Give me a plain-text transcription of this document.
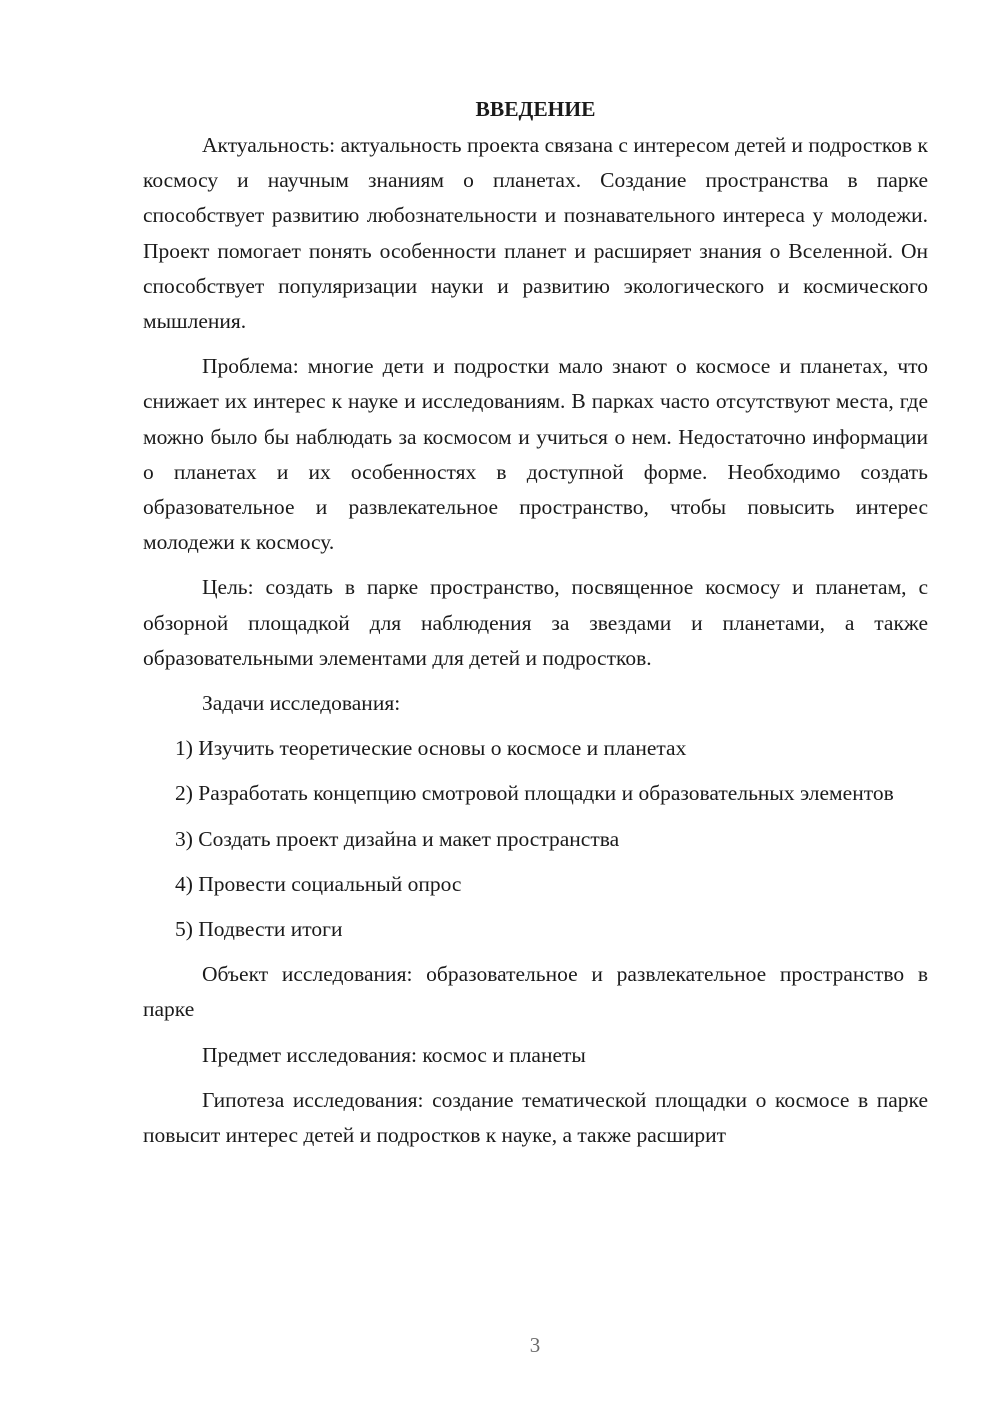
ВВЕДЕНИЕ

Актуальность: актуальность проекта связана с интересом детей и подростков к космосу и научным знаниям о планетах. Создание пространства в парке способствует развитию любознательности и познавательного интереса у молодежи. Проект помогает понять особенности планет и расширяет знания о Вселенной. Он способствует популяризации науки и развитию экологического и космического мышления.

Проблема: многие дети и подростки мало знают о космосе и планетах, что снижает их интерес к науке и исследованиям. В парках часто отсутствуют места, где можно было бы наблюдать за космосом и учиться о нем. Недостаточно информации о планетах и их особенностях в доступной форме. Необходимо создать образовательное и развлекательное пространство, чтобы повысить интерес молодежи к космосу.

Цель: создать в парке пространство, посвященное космосу и планетам, с обзорной площадкой для наблюдения за звездами и планетами, а также образовательными элементами для детей и подростков.

Задачи исследования:

1) Изучить теоретические основы о космосе и планетах

2) Разработать концепцию смотровой площадки и образовательных элементов

3) Создать проект дизайна и макет пространства

4) Провести социальный опрос

5) Подвести итоги

Объект исследования: образовательное и развлекательное пространство в парке

Предмет исследования: космос и планеты

Гипотеза исследования: создание тематической площадки о космосе в парке повысит интерес детей и подростков к науке, а также расширит

3
